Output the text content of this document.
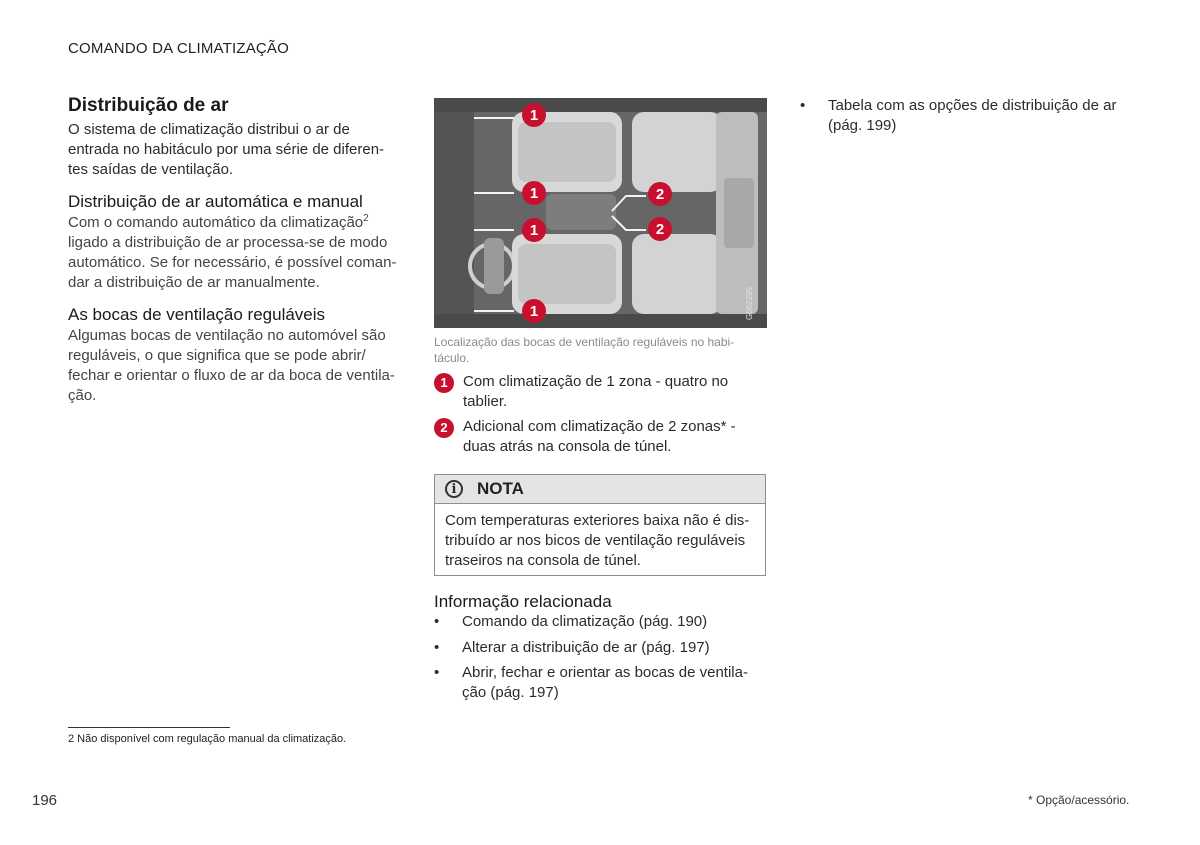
COMANDO DA CLIMATIZAÇÃO
Distribuição de ar
O sistema de climatização distribui o ar de entrada no habitáculo por uma série de diferen- tes saídas de ventilação.
Distribuição de ar automática e manual
Com o comando automático da climatização$^2$ ligado a distribuição de ar processa-se de modo automático. Se for necessário, é possível coman- dar a distribuição de ar manualmente.
As bocas de ventilação reguláveis
Algumas bocas de ventilação no automóvel são reguláveis, o que significa que se pode abrir/ fechar e orientar o fluxo de ar da boca de ventila- ção.
1
1
1
1
2
2
G062295
Localização das bocas de ventilação reguláveis no habi- táculo.
1	Com climatização de 1 zona - quatro no tablier.
2	Adicional com climatização de 2 zonas* - duas atrás na consola de túnel.
i	NOTA
Com temperaturas exteriores baixa não é dis- tribuído ar nos bicos de ventilação reguláveis traseiros na consola de túnel.
Informação relacionada
• Comando da climatização (pág. 190)
• Alterar a distribuição de ar (pág. 197)
• Abrir, fechar e orientar as bocas de ventila- ção (pág. 197)
• Tabela com as opções de distribuição de ar (pág. 199)
2 Não disponível com regulação manual da climatização.
196	* Opção/acessório.
